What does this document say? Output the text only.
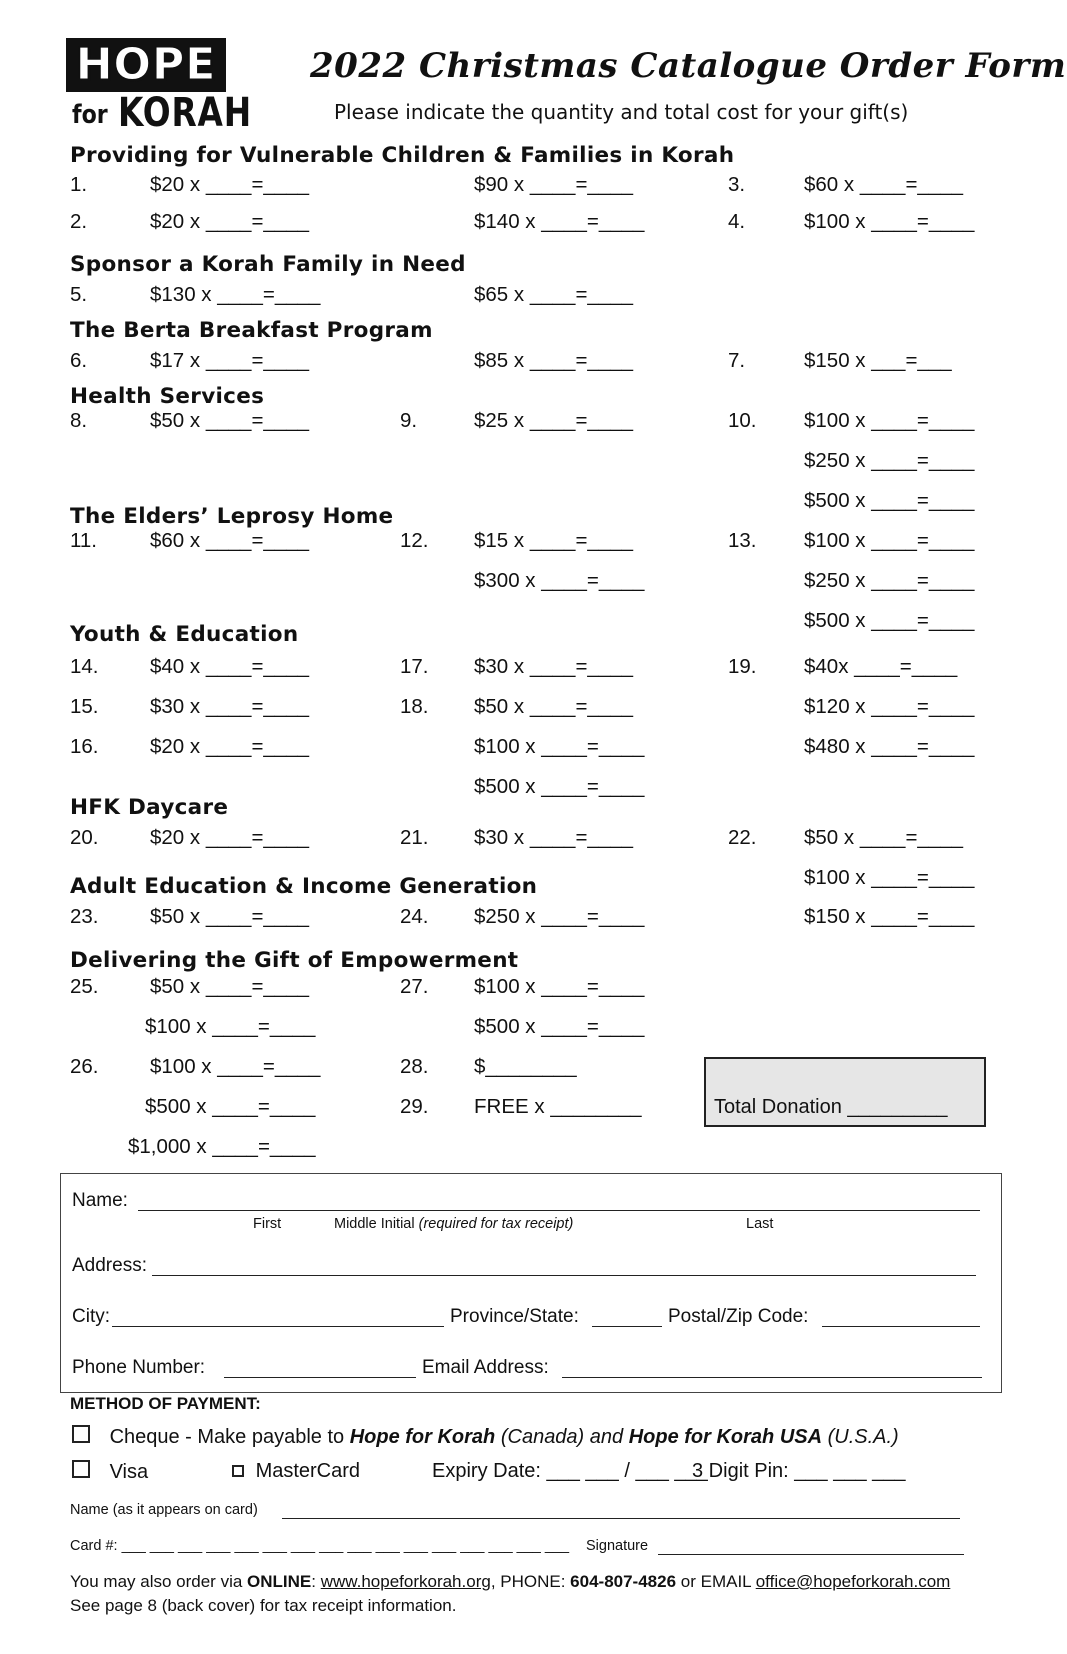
HOPE
for KORAH
2022 Christmas Catalogue Order Form
Please indicate the quantity and total cost for your gift(s)
Providing for Vulnerable Children & Families in Korah
1.	$20 x ____=____	$90 x ____=____	3.	$60 x ____=____
2.	$20 x ____=____	$140 x ____=____	4.	$100 x ____=____
Sponsor a Korah Family in Need
5.	$130 x ____=____	$65 x ____=____
The Berta Breakfast Program
6.	$17 x ____=____	$85 x ____=____	7.	$150 x ___=___
Health Services
8.	$50 x ____=____	9.	$25 x ____=____	10. $100 x ____=____
$250 x ____=____
$500 x ____=____
The Elders’ Leprosy Home
11.	$60 x ____=____	12. $15 x ____=____	13. $100 x ____=____
$300 x ____=____	$250 x ____=____
$500 x ____=____
Youth & Education
14.	$40 x ____=____	17. $30 x ____=____	19. $40x ____=____
15.	$30 x ____=____	18. $50 x ____=____	$120 x ____=____
16.	$20 x ____=____	$100 x ____=____	$480 x ____=____
$500 x ____=____
HFK Daycare
20.	$20 x ____=____	21. $30 x ____=____	22. $50 x ____=____
$100 x ____=____
Adult Education & Income Generation
23.	$50 x ____=____	24. $250 x ____=____	$150 x ____=____
Delivering the Gift of Empowerment
25.	$50 x ____=____	27. $100 x ____=____
$100 x ____=____	$500 x ____=____
26.	$100 x ____=____	28. $________
$500 x ____=____	29. FREE x ________
$1,000 x ____=____
Total Donation _________
Name:
First	Middle Initial (required for tax receipt)	Last
Address:
City:	Province/State:	Postal/Zip Code:
Phone Number:	Email Address:
METHOD OF PAYMENT:
Cheque - Make payable to Hope for Korah (Canada) and Hope for Korah USA (U.S.A.)
Visa	MasterCard	Expiry Date: ___ ___ / ___ ___
3 Digit Pin: ___ ___ ___
Name (as it appears on card)
Card #: ___ ___ ___ ___ ___ ___ ___ ___ ___ ___ ___ ___ ___ ___ ___ ___ Signature
You may also order via ONLINE: www.hopeforkorah.org, PHONE: 604-807-4826 or EMAIL office@hopeforkorah.com
See page 8 (back cover) for tax receipt information.
